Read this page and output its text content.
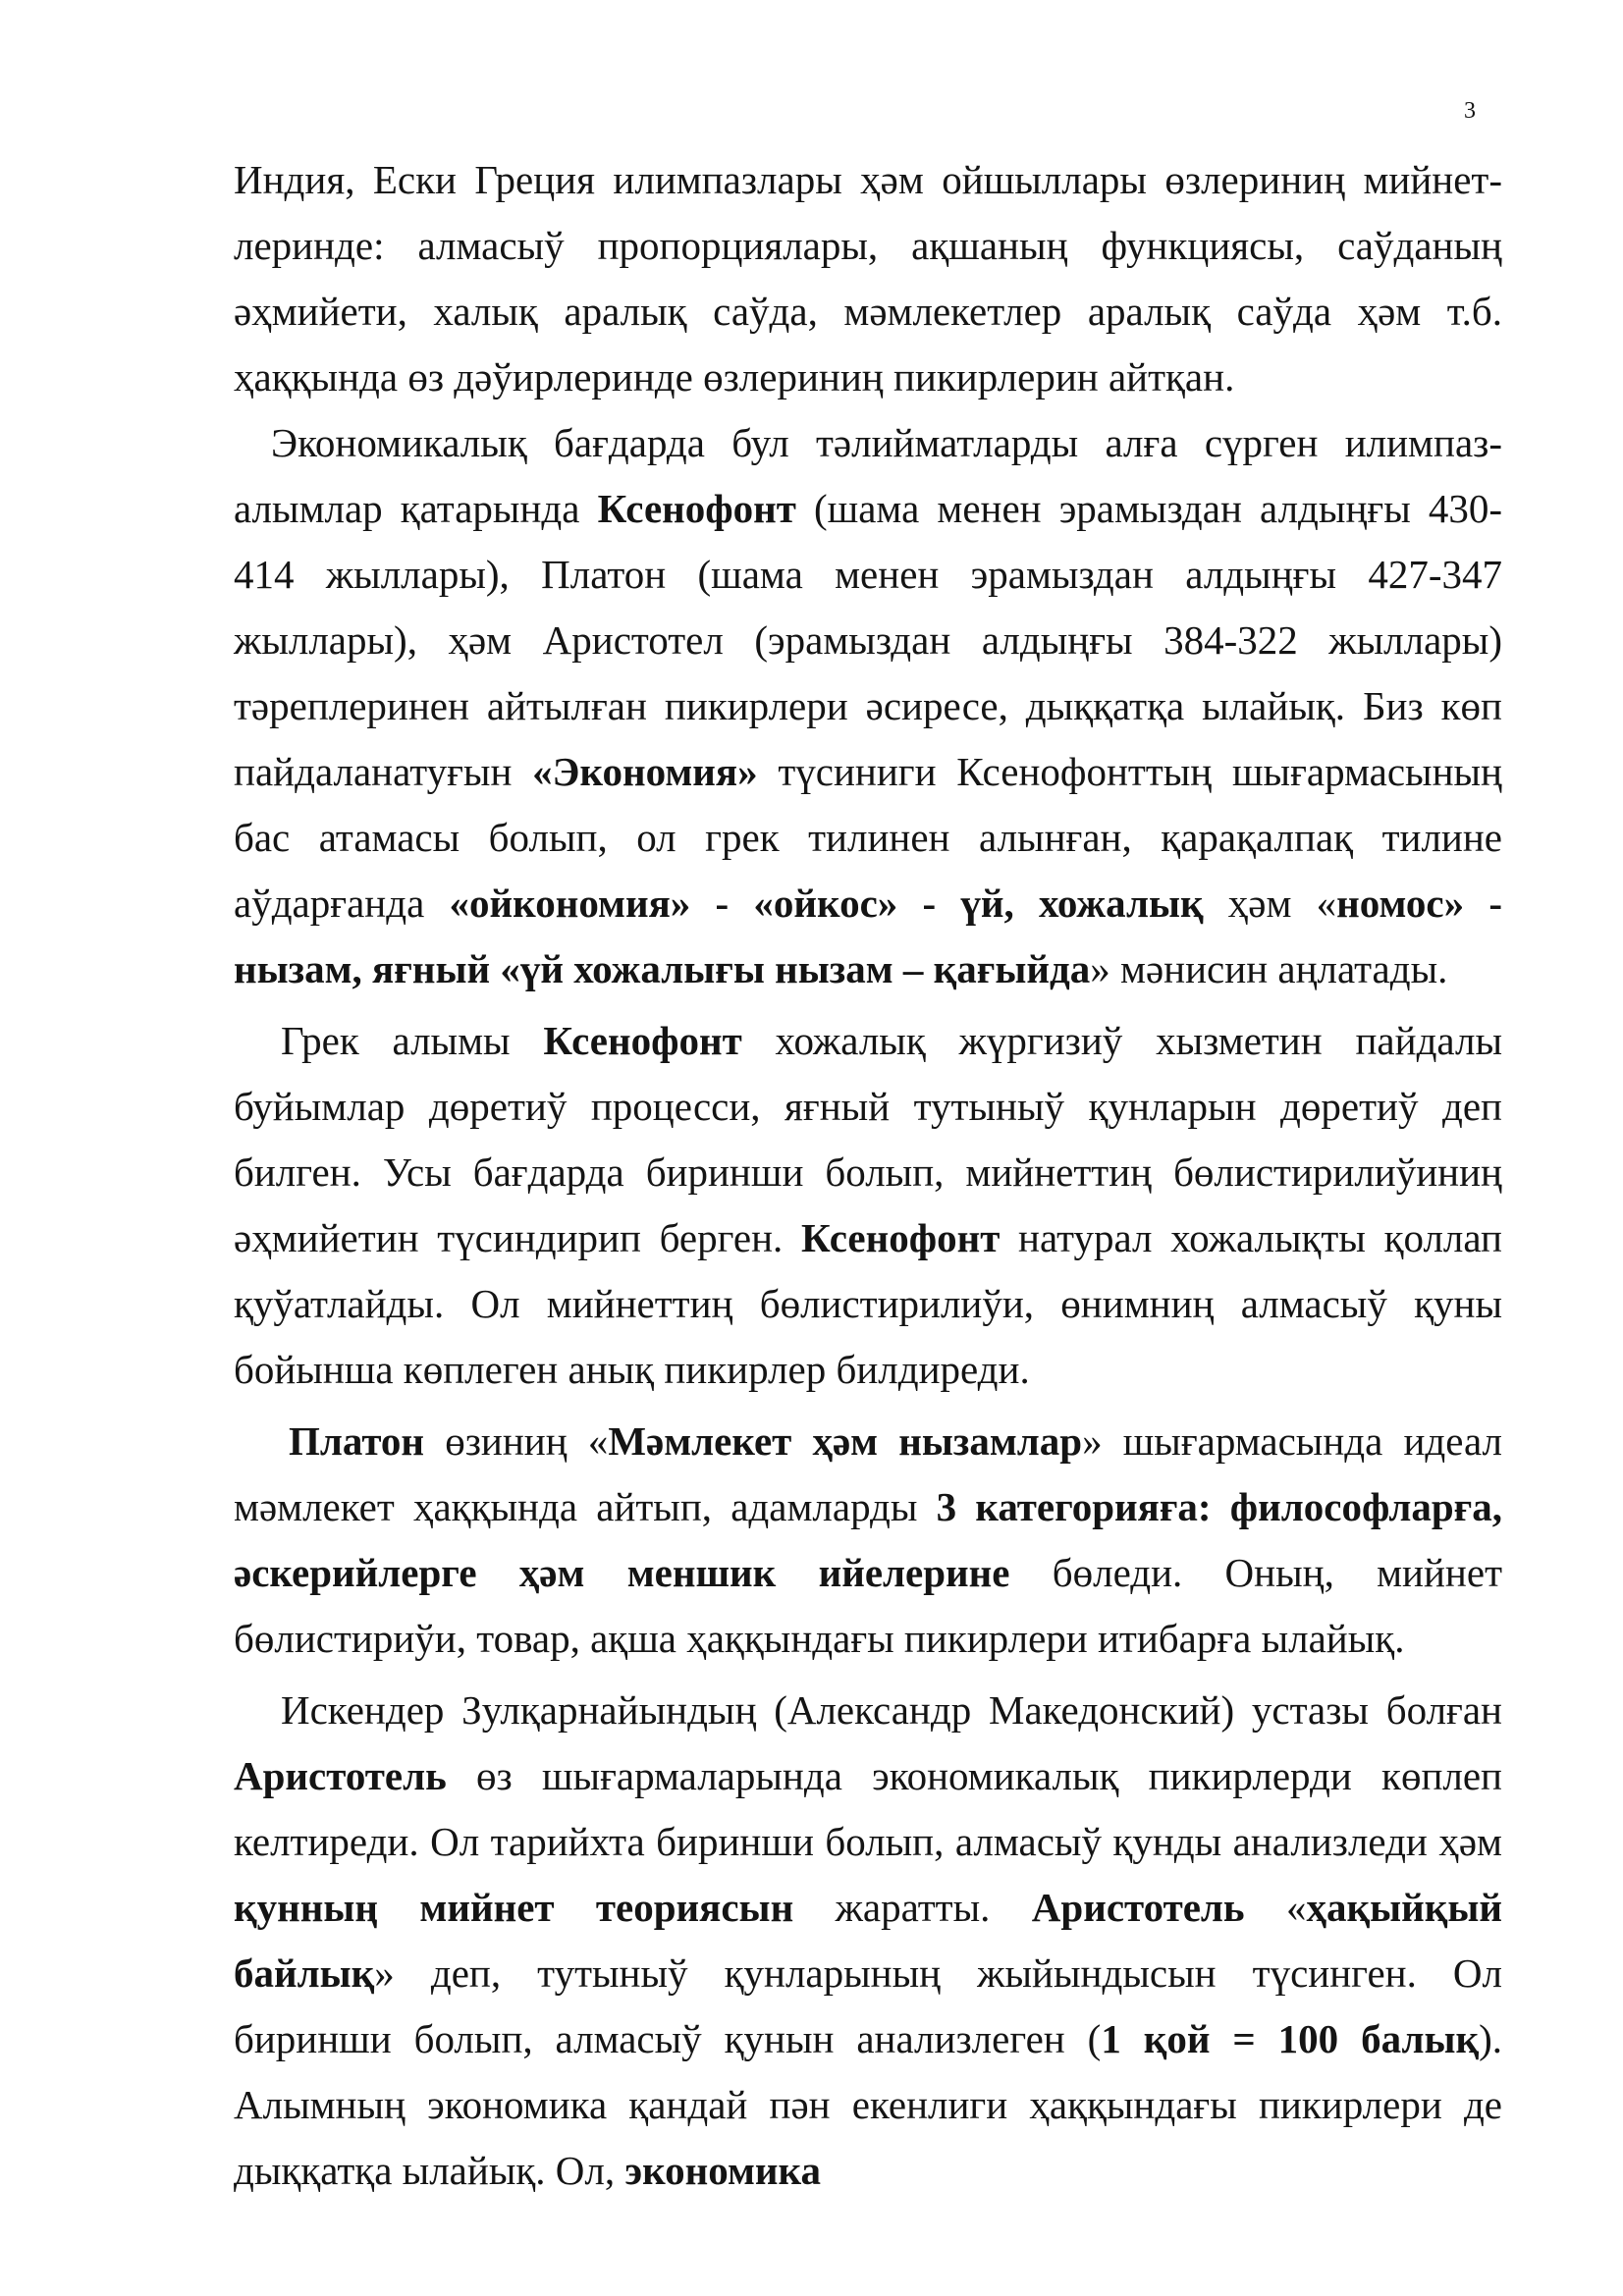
3

Индия, Ески Греция илимпазлары ҳәм ойшыллары өзлериниң мийнетлеринде: алмасыў пропорциялары, ақшаның функциясы, саўданың әҳмийети, халық аралық саўда, мәмлекетлер аралық саўда ҳәм т.б. ҳаққында өз дәўирлеринде өзлериниң пикирлерин айтқан.

Экономикалық бағдарда бул тәлийматларды алға сүрген илимпаз-алымлар қатарында Ксенофонт (шама менен эрамыздан алдыңғы 430-414 жыллары), Платон (шама менен эрамыздан алдыңғы 427-347 жыллары), ҳәм Аристотел (эрамыздан алдыңғы 384-322 жыллары) тәреплеринен айтылған пикирлери әсиресе, дыққатқа ылайық. Биз көп пайдаланатуғын «Экономия» түсиниги Ксенофонттың шығармасының бас атамасы болып, ол грек тилинен алынған, қарақалпақ тилине аўдарғанда «ойкономия» - «ойкос» - үй, хожалық ҳәм «номос» - нызам, яғный «үй хожалығы нызам – қағыйда» мәнисин аңлатады.

Грек алымы Ксенофонт хожалық жүргизиў хызметин пайдалы буйымлар дөретиў процесси, яғный тутыныў қунларын дөретиў деп билген. Усы бағдарда биринши болып, мийнеттиң бөлистирилиўиниң әҳмийетин түсиндирип берген. Ксенофонт натурал хожалықты қоллап қуўатлайды. Ол мийнеттиң бөлистирилиўи, өнимниң алмасыў қуны бойынша көплеген анық пикирлер билдиреди.

Платон өзиниң «Мәмлекет ҳәм нызамлар» шығармасында идеал мәмлекет ҳаққында айтып, адамларды 3 категорияға: философларға, әскерийлерге ҳәм меншик ийелерине бөледи. Оның, мийнет бөлистириўи, товар, ақша ҳаққындағы пикирлери итибарға ылайық.

Искендер Зулқарнайындың (Александр Македонский) устазы болған Аристотель өз шығармаларында экономикалық пикирлерди көплеп келтиреди. Ол тарийхта биринши болып, алмасыў қунды анализледи ҳәм қунның мийнет теориясын жаратты. Аристотель «ҳақыйқый байлық» деп, тутыныў қунларының жыйындысын түсинген. Ол биринши болып, алмасыў қунын анализлеген (1 қой = 100 балық). Алымның экономика қандай пән екенлиги ҳаққындағы пикирлери де дыққатқа ылайық. Ол, экономика
